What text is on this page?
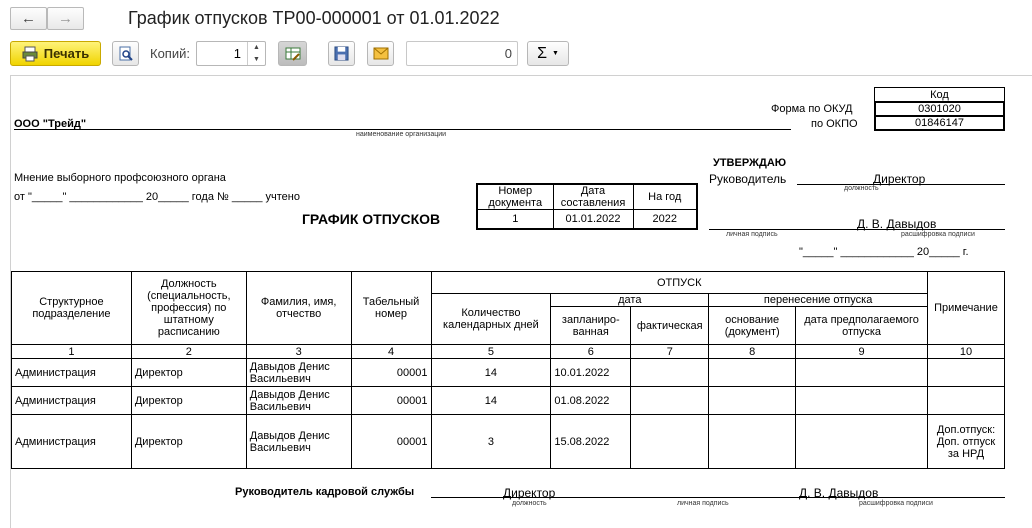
← →	График отпусков ТР00-000001 от 01.01.2022
Печать	Копий:	1 ▲
▼	0 Σ ▼
Код
Форма по ОКУД	0301020
по ОКПО	01846147
ООО "Трейд"
наименование организации
Мнение выборного профсоюзного органа
от "_____" ____________ 20_____ года № _____ учтено
УТВЕРЖДАЮ
Руководитель	Директор
должность
Д. В. Давыдов
личная подпись	расшифровка подписи
"_____" ____________ 20_____ г.
ГРАФИК ОТПУСКОВ
Номер документа	Дата составления	На год
1	01.01.2022	2022
Структурное подразделение	Должность (специальность, профессия) по штатному расписанию	Фамилия, имя, отчество	Табельный номер	ОТПУСК					Примечание
				Количество календарных дней	дата		перенесение отпуска		
					запланиро-ванная	фактическая	основание (документ)	дата предполагаемого отпуска	
1	2	3	4	5	6	7	8	9	10
Администрация	Директор	Давыдов Денис Васильевич	00001	14	10.01.2022				
Администрация	Директор	Давыдов Денис Васильевич	00001	14	01.08.2022				
Администрация	Директор	Давыдов Денис Васильевич	00001	3	15.08.2022				Доп.отпуск: Доп. отпуск за НРД
Руководитель кадровой службы	Директор	Д. В. Давыдов
должность	личная подпись	расшифровка подписи
